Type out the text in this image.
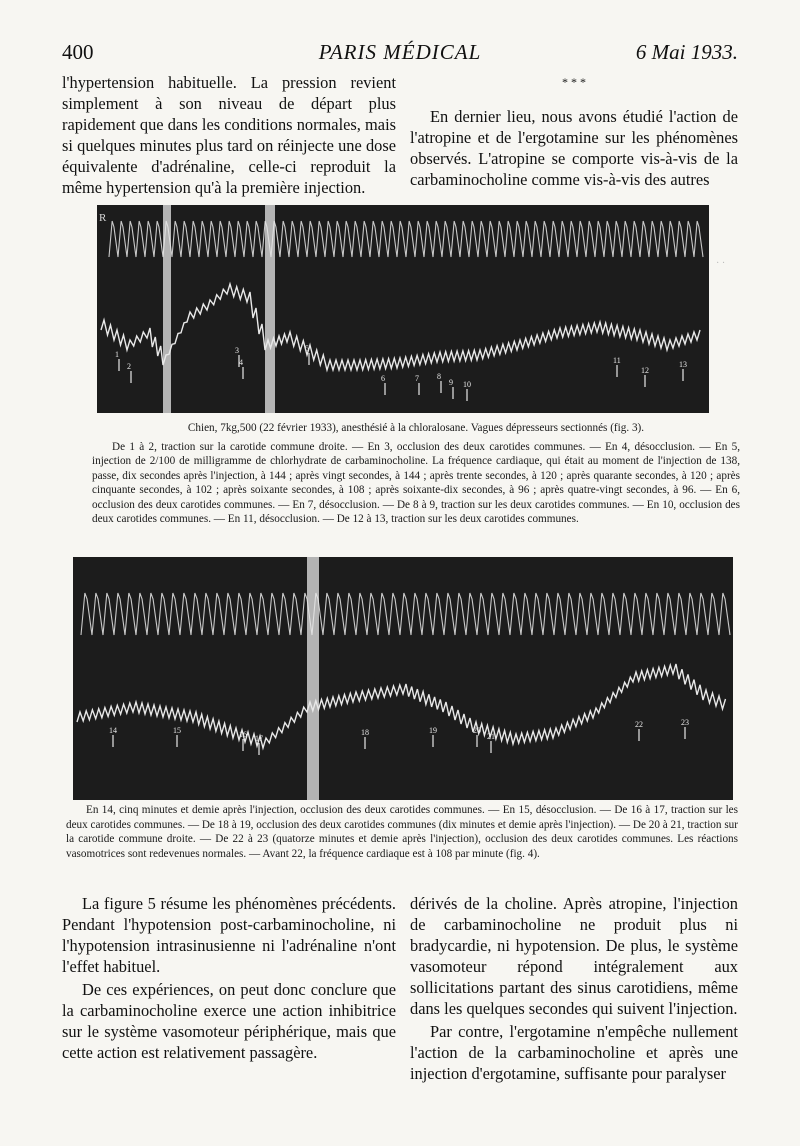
400	PARIS MÉDICAL	6 Mai 1933.

l'hypertension habituelle. La pression revient simplement à son niveau de départ plus rapidement que dans les conditions normales, mais si quelques minutes plus tard on réinjecte une dose équivalente d'adrénaline, celle-ci reproduit la même hypertension qu'à la première injection.

* * *

En dernier lieu, nous avons étudié l'action de l'atropine et de l'ergotamine sur les phénomènes observés. L'atropine se comporte vis-à-vis de la carbaminocholine comme vis-à-vis des autres

R
1
2
3
4
5
6	7 8
9 10
11
12
13
· ·

Chien, 7kg,500 (22 février 1933), anesthésié à la chloralosane. Vagues dépresseurs sectionnés (fig. 3).

De 1 à 2, traction sur la carotide commune droite. — En 3, occlusion des deux carotides communes. — En 4, désocclusion. — En 5, injection de 2/100 de milligramme de chlorhydrate de carbaminocholine. La fréquence cardiaque, qui était au moment de l'injection de 138, passe, dix secondes après l'injection, à 144 ; après vingt secondes, à 144 ; après trente secondes, à 120 ; après quarante secondes, à 120 ; après cinquante secondes, à 102 ; après soixante secondes, à 108 ; après soixante-dix secondes, à 96 ; après quatre-vingt secondes, à 96. — En 6, occlusion des deux carotides communes. — En 7, désocclusion. — De 8 à 9, traction sur les deux carotides communes. — En 10, occlusion des deux carotides communes. — En 11, désocclusion. — De 12 à 13, traction sur les deux carotides communes.

14	15	16 17
18	19	20
21
22	23

En 14, cinq minutes et demie après l'injection, occlusion des deux carotides communes. — En 15, désocclusion. — De 16 à 17, traction sur les deux carotides communes. — De 18 à 19, occlusion des deux carotides communes (dix minutes et demie après l'injection). — De 20 à 21, traction sur la carotide commune droite. — De 22 à 23 (quatorze minutes et demie après l'injection), occlusion des deux carotides communes. Les réactions vasomotrices sont redevenues normales. — Avant 22, la fréquence cardiaque est à 108 par minute (fig. 4).

La figure 5 résume les phénomènes précédents. Pendant l'hypotension post-carbaminocholine, ni l'hypotension intrasinusienne ni l'adrénaline n'ont l'effet habituel.

De ces expériences, on peut donc conclure que la carbaminocholine exerce une action inhibitrice sur le système vasomoteur périphérique, mais que cette action est relativement passagère.

dérivés de la choline. Après atropine, l'injection de carbaminocholine ne produit plus ni bradycardie, ni hypotension. De plus, le système vasomoteur répond intégralement aux sollicitations partant des sinus carotidiens, même dans les quelques secondes qui suivent l'injection.

Par contre, l'ergotamine n'empêche nullement l'action de la carbaminocholine et après une injection d'ergotamine, suffisante pour paralyser
